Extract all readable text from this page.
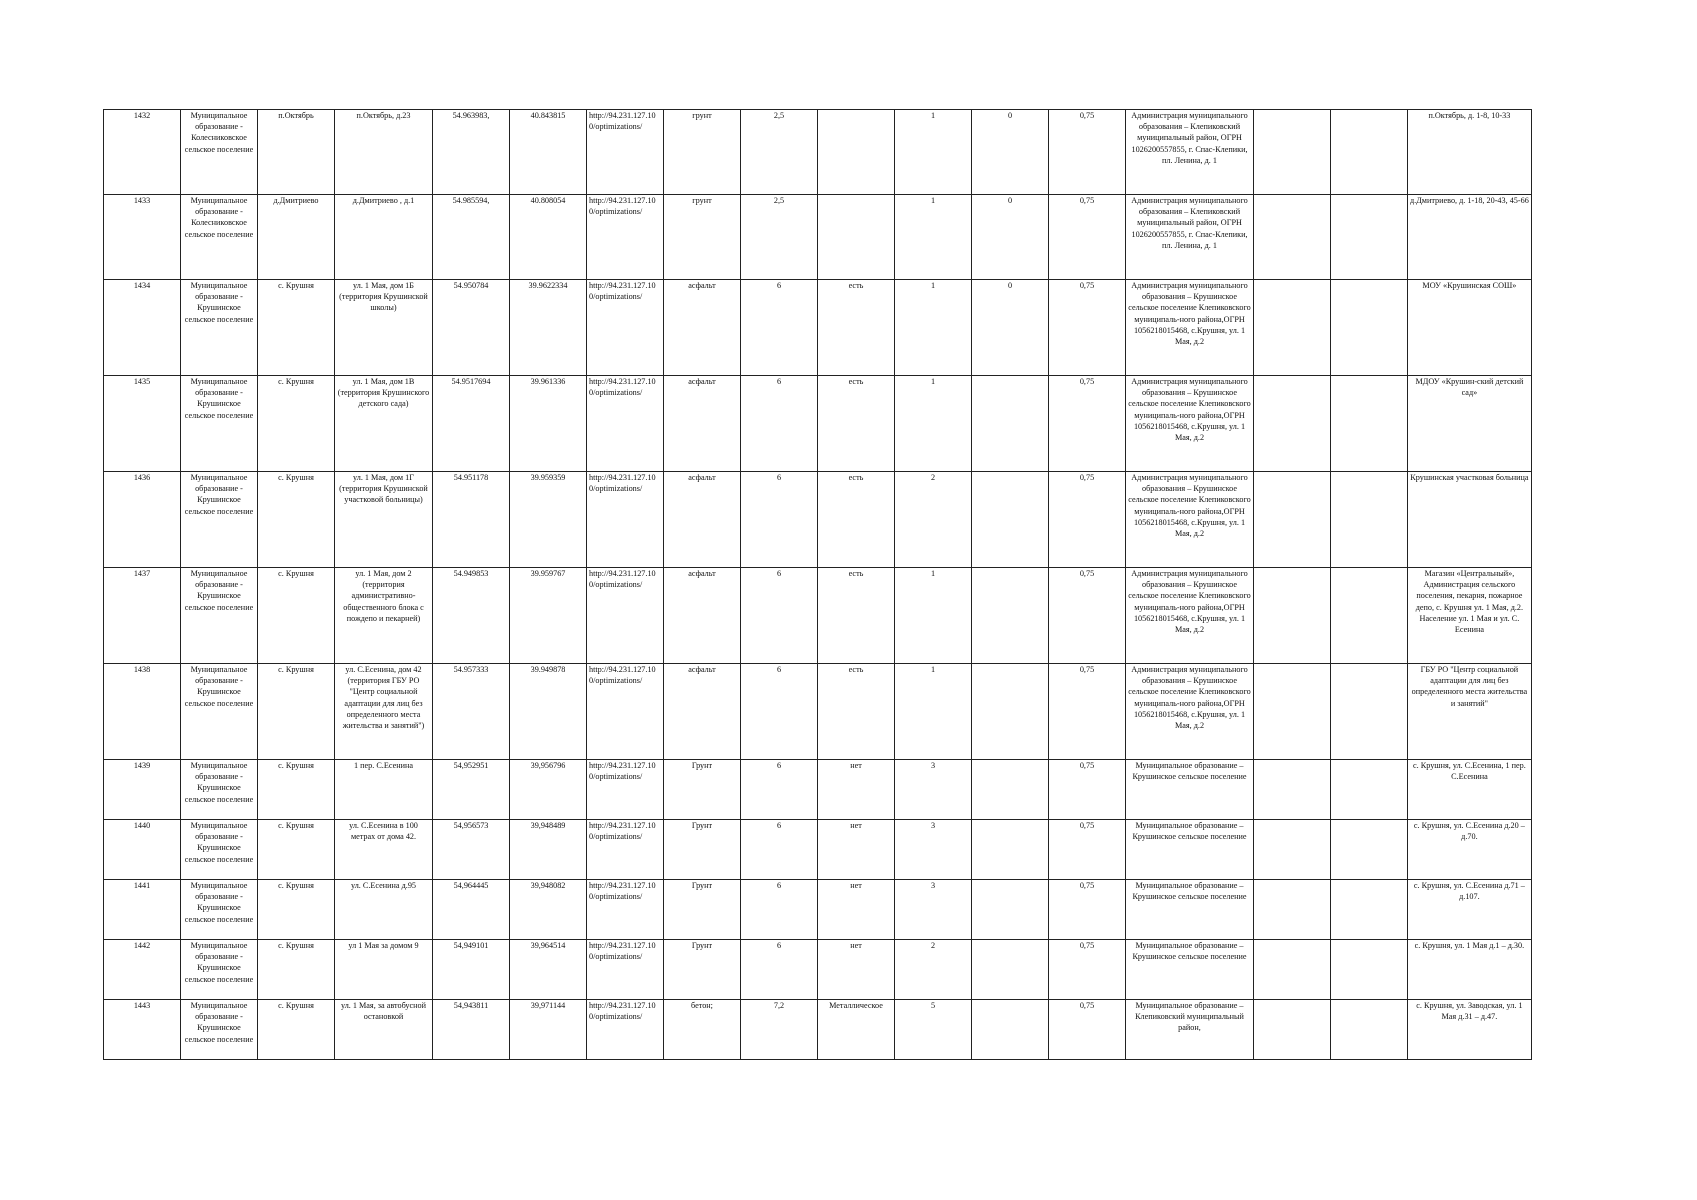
1432	Муниципальное образование - Колесниковское сельское поселение	п.Октябрь	п.Октябрь, д.23	54.963983,	40.843815	http://94.231.127.10 0/optimizations/	грунт	2,5		1	0	0,75	Администрация муниципального образования – Клепиковский муниципальный район, ОГРН 1026200557855, г. Спас-Клепики, пл. Ленина, д. 1			п.Октябрь, д. 1-8, 10-33
1433	Муниципальное образование - Колесниковское сельское поселение	д.Дмитриево	д.Дмитриево , д.1	54.985594,	40.808054	http://94.231.127.10 0/optimizations/	грунт	2,5		1	0	0,75	Администрация муниципального образования – Клепиковский муниципальный район, ОГРН 1026200557855, г. Спас-Клепики, пл. Ленина, д. 1			д.Дмитриево, д. 1-18, 20-43, 45-66
1434	Муниципальное образование - Крушинское сельское поселение	с. Крушня	ул. 1 Мая, дом 1Б (территория Крушинской школы)	54.950784	39.9622334	http://94.231.127.10 0/optimizations/	асфальт	6	есть	1	0	0,75	Администрация муниципального образования – Крушинское сельское поселение Клепиковского муниципаль-ного района,ОГРН 1056218015468, с.Крушня, ул. 1 Мая, д.2			МОУ «Крушинская СОШ»
1435	Муниципальное образование - Крушинское сельское поселение	с. Крушня	ул. 1 Мая, дом 1В (территория Крушинского детского сада)	54.9517694	39.961336	http://94.231.127.10 0/optimizations/	асфальт	6	есть	1		0,75	Администрация муниципального образования – Крушинское сельское поселение Клепиковского муниципаль-ного района,ОГРН 1056218015468, с.Крушня, ул. 1 Мая, д.2			МДОУ «Крушин-ский детский сад»
1436	Муниципальное образование - Крушинское сельское поселение	с. Крушня	ул. 1 Мая, дом 1Г (территория Крушинской участковой больницы)	54.951178	39.959359	http://94.231.127.10 0/optimizations/	асфальт	6	есть	2		0,75	Администрация муниципального образования – Крушинское сельское поселение Клепиковского муниципаль-ного района,ОГРН 1056218015468, с.Крушня, ул. 1 Мая, д.2			Крушинская участковая больница
1437	Муниципальное образование - Крушинское сельское поселение	с. Крушня	ул. 1 Мая, дом 2 (территория административно-общественного блока с пождепо и пекарней)	54.949853	39.959767	http://94.231.127.10 0/optimizations/	асфальт	6	есть	1		0,75	Администрация муниципального образования – Крушинское сельское поселение Клепиковского муниципаль-ного района,ОГРН 1056218015468, с.Крушня, ул. 1 Мая, д.2			Магазин «Центральный», Администрация сельского поселения, пекарня, пожарное депо, с. Крушня ул. 1 Мая, д.2. Население ул. 1 Мая и ул. С. Есенина
1438	Муниципальное образование - Крушинское сельское поселение	с. Крушня	ул. С.Есенина, дом 42 (территория ГБУ РО "Центр социальной адаптации для лиц без определенного места жительства и занятий")	54.957333	39.949878	http://94.231.127.10 0/optimizations/	асфальт	6	есть	1		0,75	Администрация муниципального образования – Крушинское сельское поселение Клепиковского муниципаль-ного района,ОГРН 1056218015468, с.Крушня, ул. 1 Мая, д.2			ГБУ РО "Центр социальной адаптации для лиц без определенного места жительства и занятий"
1439	Муниципальное образование - Крушинское сельское поселение	с. Крушня	1 пер. С.Есенина	54,952951	39,956796	http://94.231.127.10 0/optimizations/	Грунт	6	нет	3		0,75	Муниципальное образование – Крушинское сельское поселение			с. Крушня, ул. С.Есенина, 1 пер. С.Есенина
1440	Муниципальное образование - Крушинское сельское поселение	с. Крушня	ул. С.Есенина в 100 метрах от дома 42.	54,956573	39,948489	http://94.231.127.10 0/optimizations/	Грунт	6	нет	3		0,75	Муниципальное образование – Крушинское сельское поселение			с. Крушня, ул. С.Есенина д.20 – д.70.
1441	Муниципальное образование - Крушинское сельское поселение	с. Крушня	ул. С.Есенина д.95	54,964445	39,948082	http://94.231.127.10 0/optimizations/	Грунт	6	нет	3		0,75	Муниципальное образование – Крушинское сельское поселение			с. Крушня, ул. С.Есенина д.71 – д.107.
1442	Муниципальное образование - Крушинское сельское поселение	с. Крушня	ул 1 Мая за домом 9	54,949101	39,964514	http://94.231.127.10 0/optimizations/	Грунт	6	нет	2		0,75	Муниципальное образование – Крушинское сельское поселение			с. Крушня, ул. 1 Мая д.1 – д.30.
1443	Муниципальное образование - Крушинское сельское поселение	с. Крушня	ул. 1 Мая, за автобусной остановкой	54,943811	39,971144	http://94.231.127.10 0/optimizations/	бетон;	7,2	Металлическое	5		0,75	Муниципальное образование – Клепиковский муниципальный район,			с. Крушня, ул. Заводская, ул. 1 Мая д.31 – д.47.
